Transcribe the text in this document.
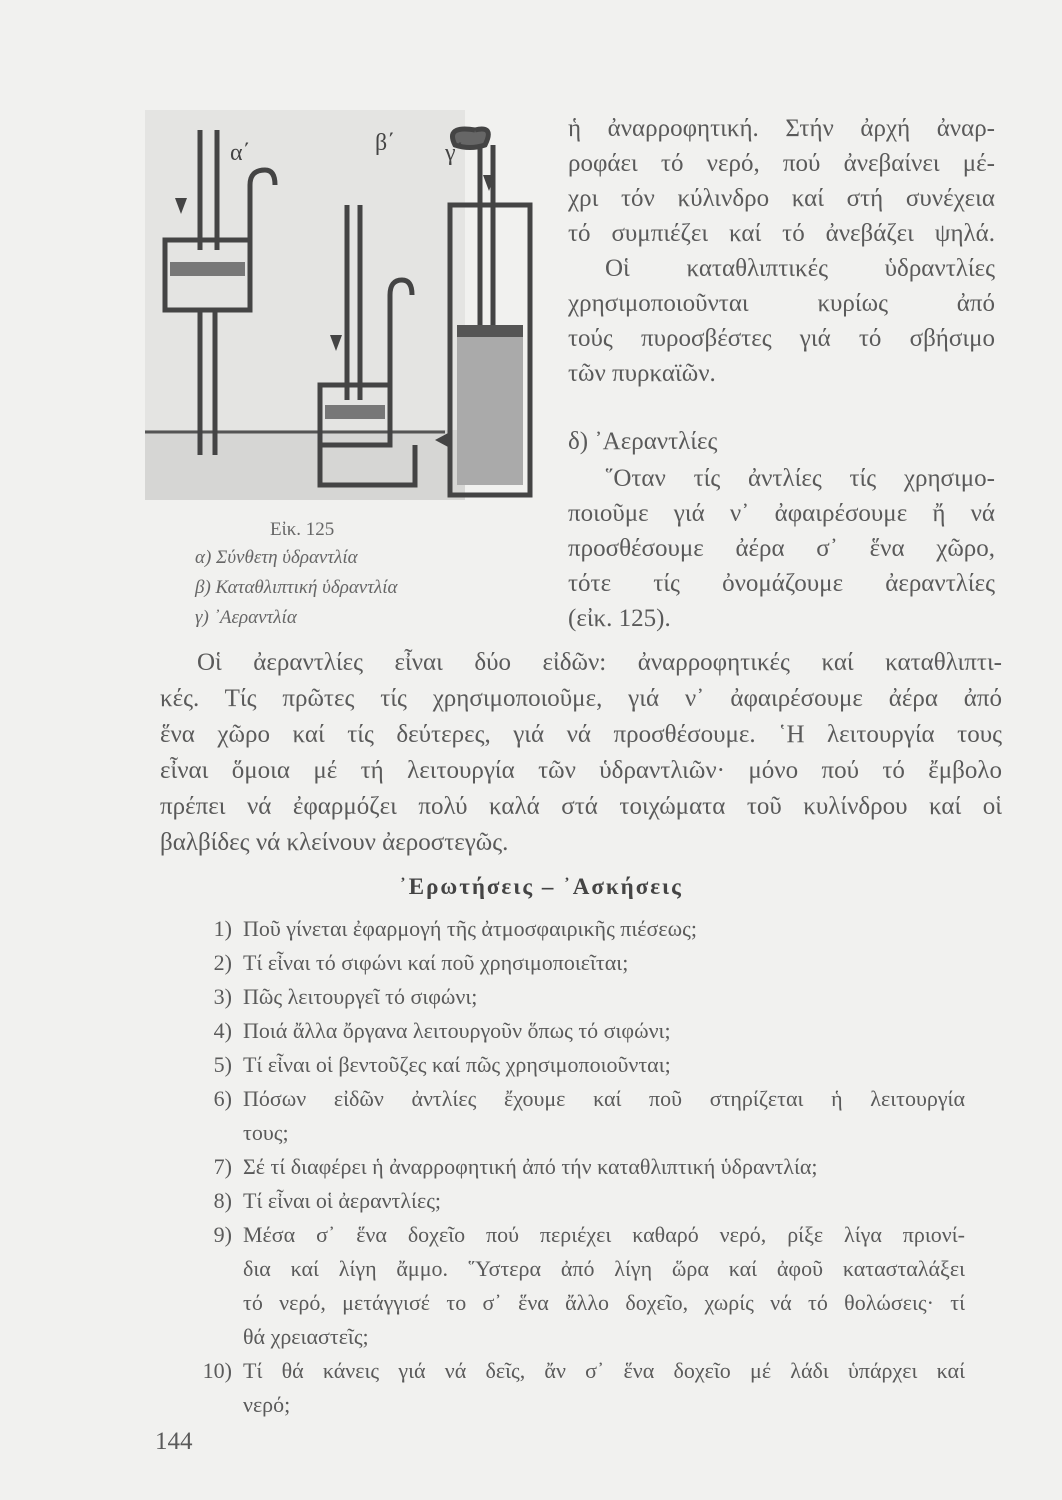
α΄	β΄ γ΄
Εἰκ. 125
α) Σύνθετη ὑδραντλία
β) Καταθλιπτική ὑδραντλία
γ) ᾿Αεραντλία
ἡ ἀναρροφητική. Στήν ἀρχή ἀναρ-
ροφάει τό νερό, πού ἀνεβαίνει μέ-
χρι τόν κύλινδρο καί στή συνέχεια
τό συμπιέζει καί τό ἀνεβάζει ψηλά.
Οἱ καταθλιπτικές ὑδραντλίες
χρησιμοποιοῦνται κυρίως ἀπό
τούς πυροσβέστες γιά τό σβήσιμο
τῶν πυρκαϊῶν.
δ) ᾿Αεραντλίες
῞Οταν τίς ἀντλίες τίς χρησιμο-
ποιοῦμε γιά ν᾿ ἀφαιρέσουμε ἤ νά
προσθέσουμε ἀέρα σ᾿ ἕνα χῶρο,
τότε τίς ὀνομάζουμε ἀεραντλίες
(εἰκ. 125).
Οἱ ἀεραντλίες εἶναι δύο εἰδῶν: ἀναρροφητικές καί καταθλιπτι-
κές. Τίς πρῶτες τίς χρησιμοποιοῦμε, γιά ν᾿ ἀφαιρέσουμε ἀέρα ἀπό
ἕνα χῶρο καί τίς δεύτερες, γιά νά προσθέσουμε. ῾Η λειτουργία τους
εἶναι ὅμοια μέ τή λειτουργία τῶν ὑδραντλιῶν· μόνο πού τό ἔμβολο
πρέπει νά ἐφαρμόζει πολύ καλά στά τοιχώματα τοῦ κυλίνδρου καί οἱ
βαλβίδες νά κλείνουν ἀεροστεγῶς.
᾿Ερωτήσεις – ᾿Ασκήσεις
1) Ποῦ γίνεται ἐφαρμογή τῆς ἀτμοσφαιρικῆς πιέσεως;
2) Τί εἶναι τό σιφώνι καί ποῦ χρησιμοποιεῖται;
3) Πῶς λειτουργεῖ τό σιφώνι;
4) Ποιά ἄλλα ὄργανα λειτουργοῦν ὅπως τό σιφώνι;
5) Τί εἶναι οἱ βεντοῦζες καί πῶς χρησιμοποιοῦνται;
6) Πόσων εἰδῶν ἀντλίες ἔχουμε καί ποῦ στηρίζεται ἡ λειτουργία
τους;
7) Σέ τί διαφέρει ἡ ἀναρροφητική ἀπό τήν καταθλιπτική ὑδραντλία;
8) Τί εἶναι οἱ ἀεραντλίες;
9) Μέσα σ᾿ ἕνα δοχεῖο πού περιέχει καθαρό νερό, ρίξε λίγα πριονί-
δια καί λίγη ἄμμο. ῞Υστερα ἀπό λίγη ὥρα καί ἀφοῦ κατασταλάξει
τό νερό, μετάγγισέ το σ᾿ ἕνα ἄλλο δοχεῖο, χωρίς νά τό θολώσεις· τί
θά χρειαστεῖς;
10) Τί θά κάνεις γιά νά δεῖς, ἄν σ᾿ ἕνα δοχεῖο μέ λάδι ὑπάρχει καί
νερό;
144
